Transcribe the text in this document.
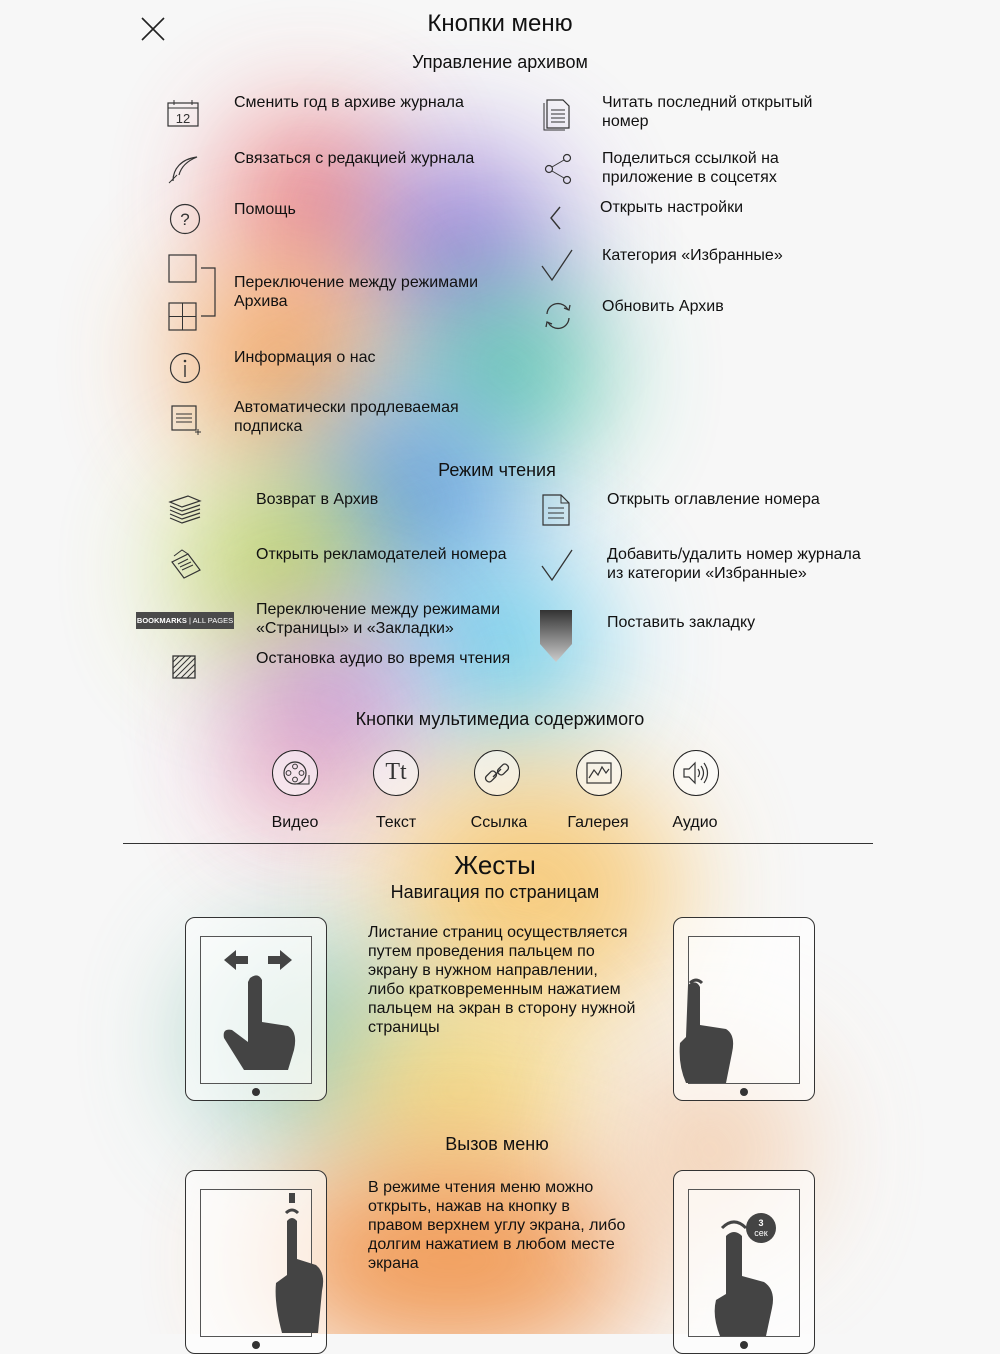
Кнопки меню
Управление архивом
12
Сменить год в архиве журнала
Связаться с редакцией журнала
?
Помощь
Переключение между режимами Архива
Информация о нас
Автоматически продлеваемая подписка
Читать последний открытый номер
Поделиться ссылкой на приложение в соцсетях
Открыть настройки
Категория «Избранные»
Обновить Архив
Режим чтения
Возврат в Архив
Открыть рекламодателей номера
BOOKMARKS | ALL PAGES
Переключение между режимами «Страницы» и «Закладки»
Остановка аудио во время чтения
Открыть оглавление номера
Добавить/удалить номер журнала из категории «Избранные»
Поставить закладку
Кнопки мультимедиа содержимого
Видео
Tt
Текст	Ссылка	Галерея	Аудио
Жесты
Навигация по страницам
Листание страниц осуществляется путем проведения пальцем по экрану в нужном направлении, либо кратковременным нажатием пальцем на экран в сторону нужной страницы
Вызов меню
В режиме чтения меню можно открыть, нажав на кнопку в правом верхнем углу экрана, либо долгим нажатием в любом месте экрана
3
сек
